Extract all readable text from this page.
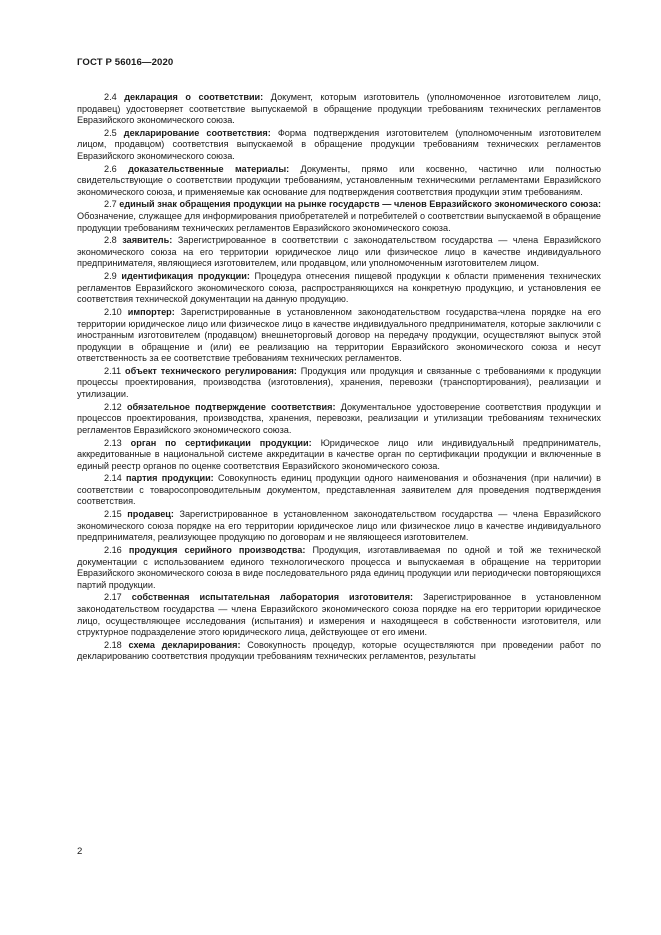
ГОСТ Р 56016—2020

2.4 декларация о соответствии: Документ, которым изготовитель (уполномоченное изготовителем лицо, продавец) удостоверяет соответствие выпускаемой в обращение продукции требованиям технических регламентов Евразийского экономического союза.

2.5 декларирование соответствия: Форма подтверждения изготовителем (уполномоченным изготовителем лицом, продавцом) соответствия выпускаемой в обращение продукции требованиям технических регламентов Евразийского экономического союза.

2.6 доказательственные материалы: Документы, прямо или косвенно, частично или полностью свидетельствующие о соответствии продукции требованиям, установленным техническими регламентами Евразийского экономического союза, и применяемые как основание для подтверждения соответствия продукции этим требованиям.

2.7 единый знак обращения продукции на рынке государств — членов Евразийского экономического союза: Обозначение, служащее для информирования приобретателей и потребителей о соответствии выпускаемой в обращение продукции требованиям технических регламентов Евразийского экономического союза.

2.8 заявитель: Зарегистрированное в соответствии с законодательством государства — члена Евразийского экономического союза на его территории юридическое лицо или физическое лицо в качестве индивидуального предпринимателя, являющиеся изготовителем, или продавцом, или уполномоченным изготовителем лицом.

2.9 идентификация продукции: Процедура отнесения пищевой продукции к области применения технических регламентов Евразийского экономического союза, распространяющихся на конкретную продукцию, и установления ее соответствия технической документации на данную продукцию.

2.10 импортер: Зарегистрированные в установленном законодательством государства-члена порядке на его территории юридическое лицо или физическое лицо в качестве индивидуального предпринимателя, которые заключили с иностранным изготовителем (продавцом) внешнеторговый договор на передачу продукции, осуществляют выпуск этой продукции в обращение и (или) ее реализацию на территории Евразийского экономического союза и несут ответственность за ее соответствие требованиям технических регламентов.

2.11 объект технического регулирования: Продукция или продукция и связанные с требованиями к продукции процессы проектирования, производства (изготовления), хранения, перевозки (транспортирования), реализации и утилизации.

2.12 обязательное подтверждение соответствия: Документальное удостоверение соответствия продукции и процессов проектирования, производства, хранения, перевозки, реализации и утилизации требованиям технических регламентов Евразийского экономического союза.

2.13 орган по сертификации продукции: Юридическое лицо или индивидуальный предприниматель, аккредитованные в национальной системе аккредитации в качестве орган по сертификации продукции и включенные в единый реестр органов по оценке соответствия Евразийского экономического союза.

2.14 партия продукции: Совокупность единиц продукции одного наименования и обозначения (при наличии) в соответствии с товаросопроводительным документом, представленная заявителем для проведения подтверждения соответствия.

2.15 продавец: Зарегистрированное в установленном законодательством государства — члена Евразийского экономического союза порядке на его территории юридическое лицо или физическое лицо в качестве индивидуального предпринимателя, реализующее продукцию по договорам и не являющееся изготовителем.

2.16 продукция серийного производства: Продукция, изготавливаемая по одной и той же технической документации с использованием единого технологического процесса и выпускаемая в обращение на территории Евразийского экономического союза в виде последовательного ряда единиц продукции или периодически повторяющихся партий продукции.

2.17 собственная испытательная лаборатория изготовителя: Зарегистрированное в установленном законодательством государства — члена Евразийского экономического союза порядке на его территории юридическое лицо, осуществляющее исследования (испытания) и измерения и находящееся в собственности изготовителя, или структурное подразделение этого юридического лица, действующее от его имени.

2.18 схема декларирования: Совокупность процедур, которые осуществляются при проведении работ по декларированию соответствия продукции требованиям технических регламентов, результаты

2
